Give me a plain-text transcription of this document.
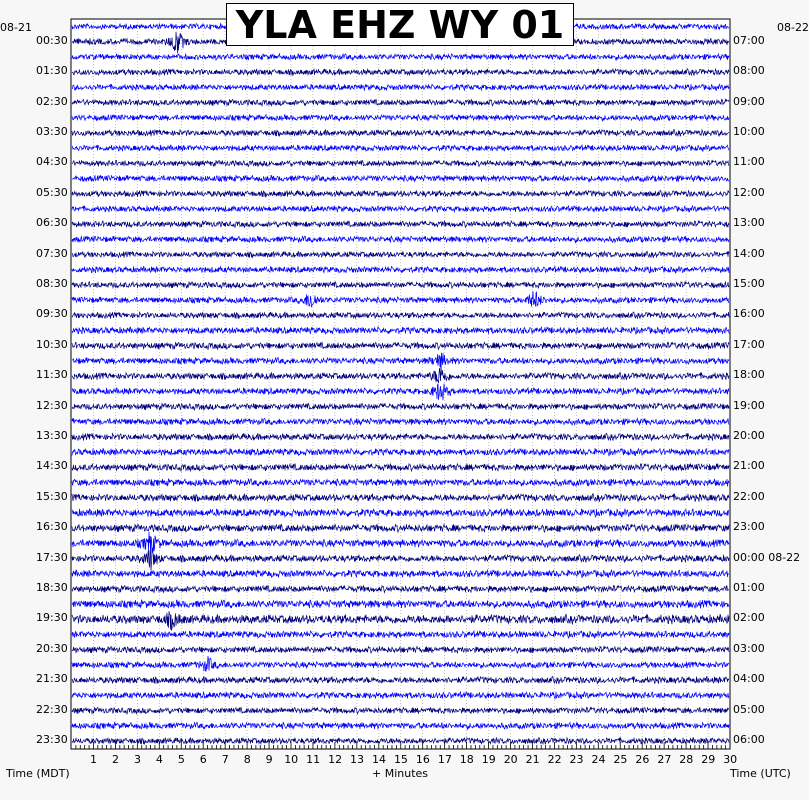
YLA EHZ WY 01
08-21	08-22
Time (MDT)	+ Minutes	Time (UTC)
00:30
01:30
02:30
03:30
04:30
05:30
06:30
07:30
08:30
09:30
10:30
11:30
12:30
13:30
14:30
15:30
16:30
17:30
18:30
19:30
20:30
21:30
22:30
23:30
07:00
08:00
09:00
10:00
11:00
12:00
13:00
14:00
15:00
16:00
17:00
18:00
19:00
20:00
21:00
22:00
23:00
00:00 08-22
01:00
02:00
03:00
04:00
05:00
06:00
1 2 3 4 5 6 7 8 9 10 11 12 13 14 15 16 17 18 19 20 21 22 23 24 25 26 27 28 29 30
